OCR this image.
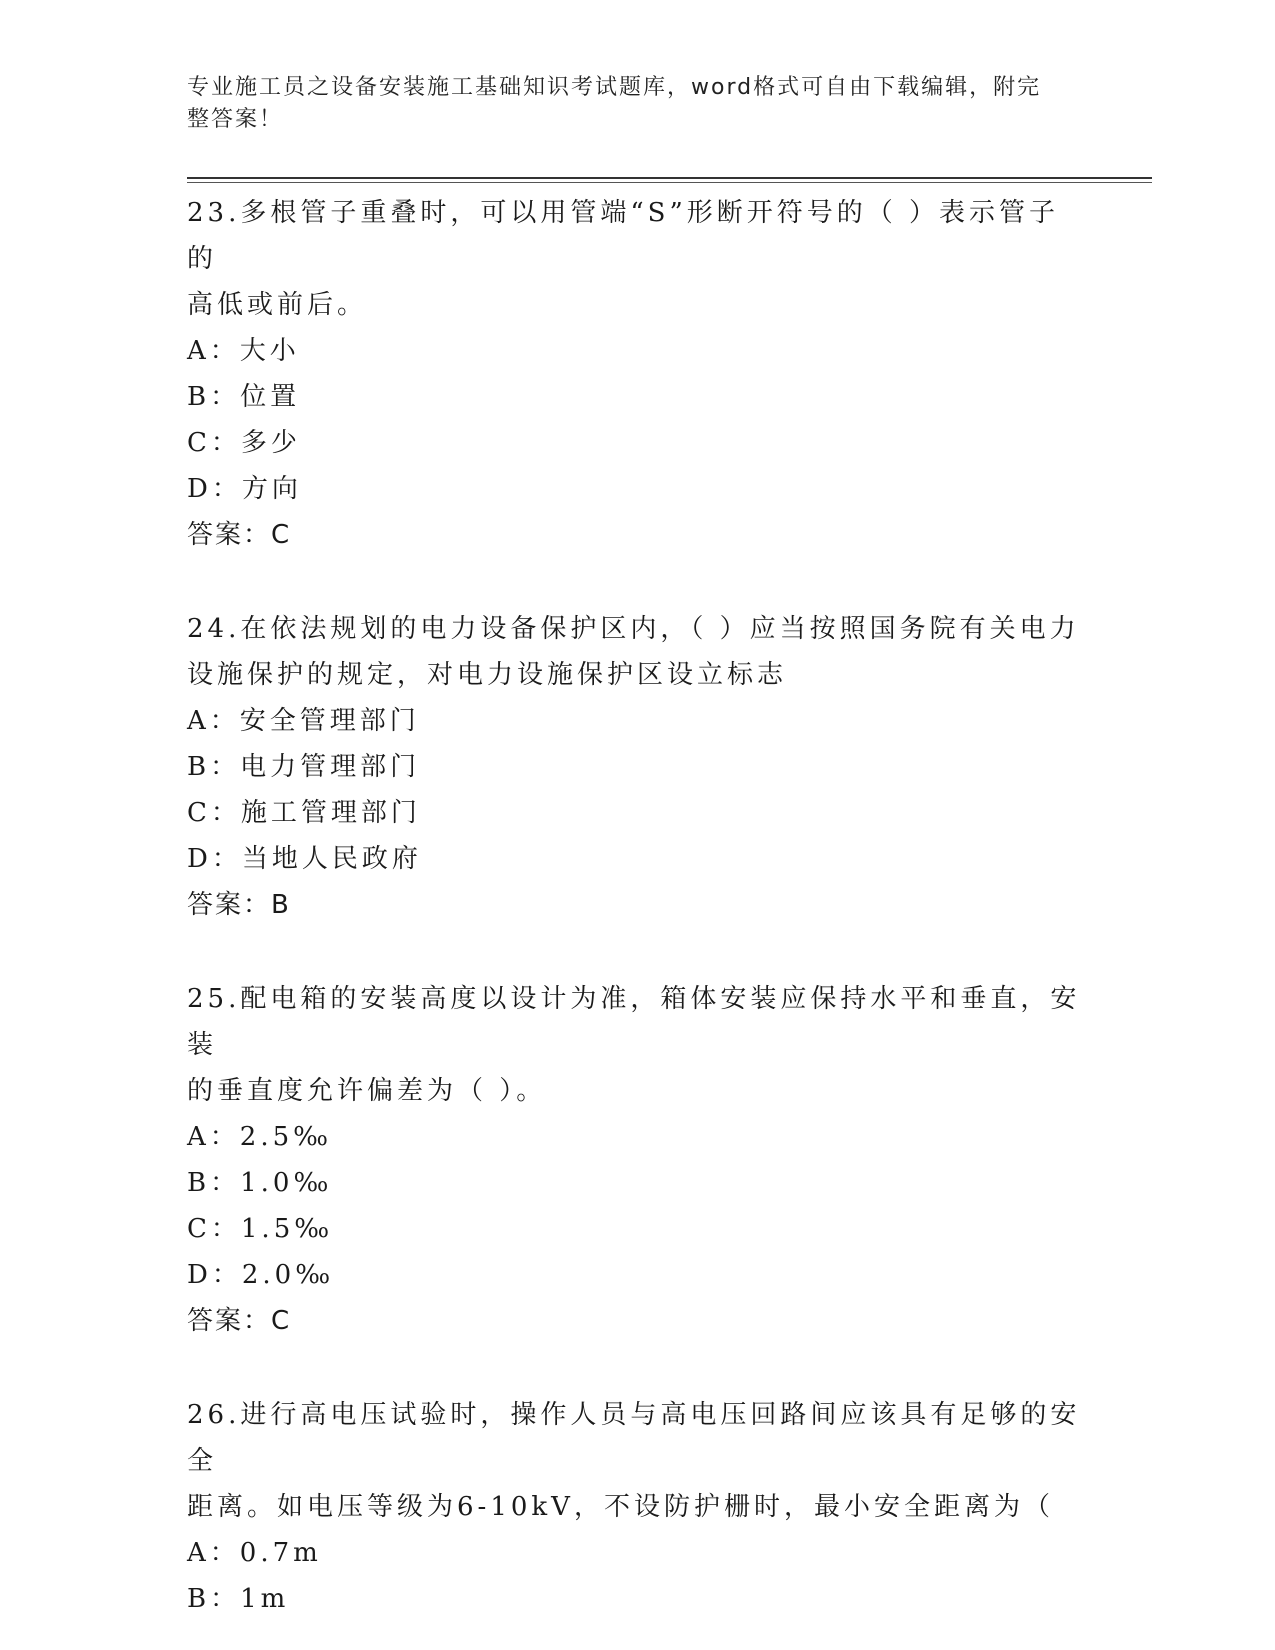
专业施工员之设备安装施工基础知识考试题库，word格式可自由下载编辑，附完
整答案！

23.多根管子重叠时，可以用管端“S”形断开符号的（ ）表示管子的

高低或前后。

A：大小

B：位置

C：多少

D：方向

答案：C

24.在依法规划的电力设备保护区内，（ ）应当按照国务院有关电力

设施保护的规定，对电力设施保护区设立标志

A：安全管理部门

B：电力管理部门

C：施工管理部门

D：当地人民政府

答案：B

25.配电箱的安装高度以设计为准，箱体安装应保持水平和垂直，安装

的垂直度允许偏差为（ ）。

A：2.5‰

B：1.0‰

C：1.5‰

D：2.0‰

答案：C

26.进行高电压试验时，操作人员与高电压回路间应该具有足够的安全

距离。如电压等级为6-10kV，不设防护栅时，最小安全距离为（

A：0.7m

B：1m
